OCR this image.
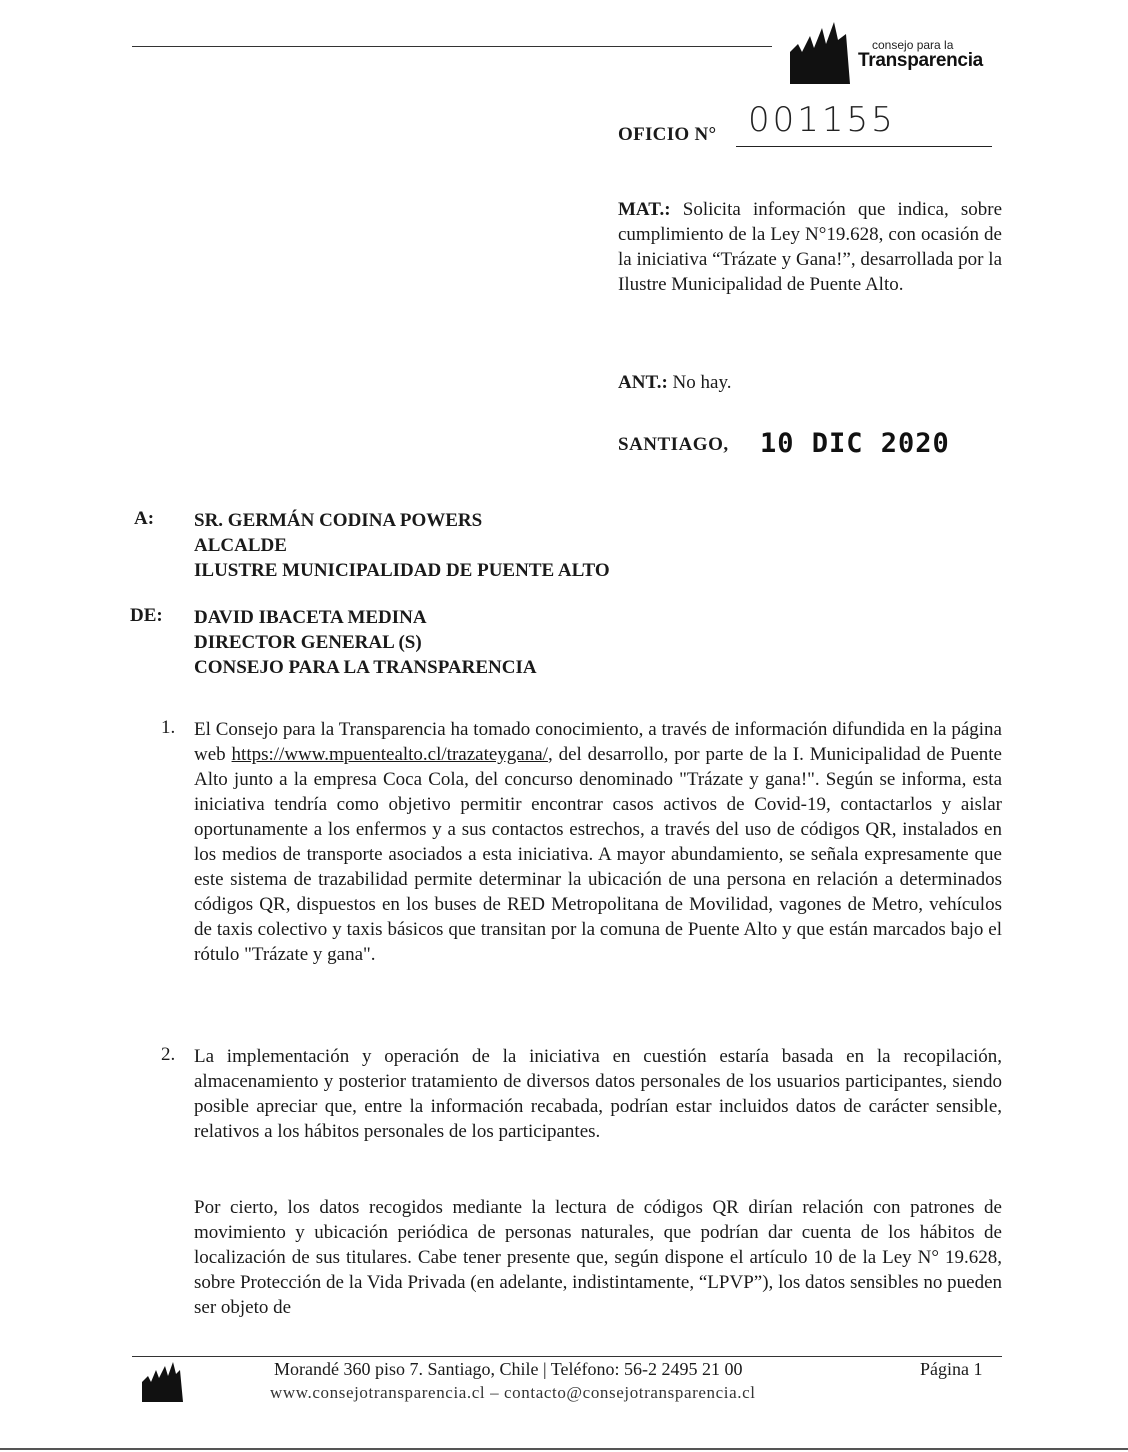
consejo para la
Transparencia
OFICIO N° 001155
MAT.: Solicita información que indica, sobre cumplimiento de la Ley N°19.628, con ocasión de la iniciativa “Trázate y Gana!”, desarrollada por la Ilustre Municipalidad de Puente Alto.
ANT.: No hay.
SANTIAGO, 10 DIC 2020
A: SR. GERMÁN CODINA POWERS
ALCALDE
ILUSTRE MUNICIPALIDAD DE PUENTE ALTO
DE: DAVID IBACETA MEDINA
DIRECTOR GENERAL (S)
CONSEJO PARA LA TRANSPARENCIA
1. El Consejo para la Transparencia ha tomado conocimiento, a través de información difundida en la página web https://www.mpuentealto.cl/trazateygana/, del desarrollo, por parte de la I. Municipalidad de Puente Alto junto a la empresa Coca Cola, del concurso denominado "Trázate y gana!". Según se informa, esta iniciativa tendría como objetivo permitir encontrar casos activos de Covid-19, contactarlos y aislar oportunamente a los enfermos y a sus contactos estrechos, a través del uso de códigos QR, instalados en los medios de transporte asociados a esta iniciativa. A mayor abundamiento, se señala expresamente que este sistema de trazabilidad permite determinar la ubicación de una persona en relación a determinados códigos QR, dispuestos en los buses de RED Metropolitana de Movilidad, vagones de Metro, vehículos de taxis colectivo y taxis básicos que transitan por la comuna de Puente Alto y que están marcados bajo el rótulo "Trázate y gana".
2. La implementación y operación de la iniciativa en cuestión estaría basada en la recopilación, almacenamiento y posterior tratamiento de diversos datos personales de los usuarios participantes, siendo posible apreciar que, entre la información recabada, podrían estar incluidos datos de carácter sensible, relativos a los hábitos personales de los participantes.
Por cierto, los datos recogidos mediante la lectura de códigos QR dirían relación con patrones de movimiento y ubicación periódica de personas naturales, que podrían dar cuenta de los hábitos de localización de sus titulares. Cabe tener presente que, según dispone el artículo 10 de la Ley N° 19.628, sobre Protección de la Vida Privada (en adelante, indistintamente, “LPVP”), los datos sensibles no pueden ser objeto de
Morandé 360 piso 7. Santiago, Chile | Teléfono: 56-2 2495 21 00
www.consejotransparencia.cl – contacto@consejotransparencia.cl
Página 1
